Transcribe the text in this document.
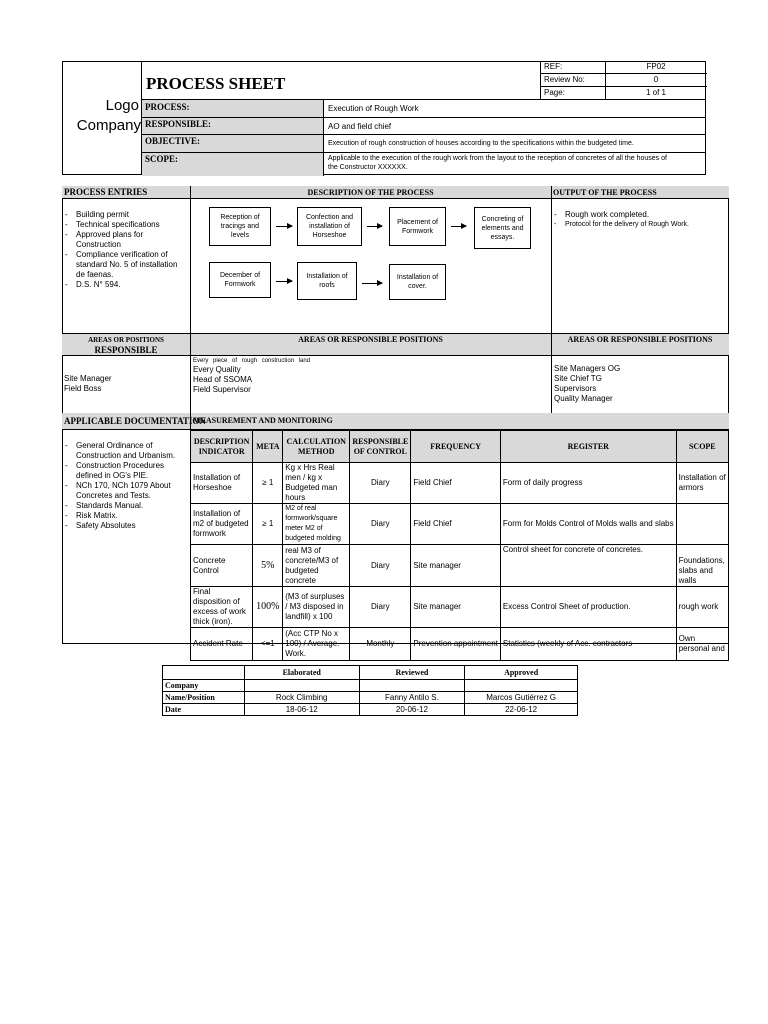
Logo
Company
PROCESS SHEET
REF:	FP02
Review No:	0
Page:	1 of 1
PROCESS:	Execution of Rough Work
RESPONSIBLE:	AO and field chief
OBJECTIVE:	Execution of rough construction of houses according to the specifications within the budgeted time.
SCOPE:	Applicable to the execution of the rough work from the layout to the reception of concretes of all the houses of the Constructor XXXXXX.
PROCESS ENTRIES	DESCRIPTION OF THE PROCESS	OUTPUT OF THE PROCESS
- Building permit
- Technical specifications
- Approved plans for Construction
- Compliance verification of standard No. 5 of installation de faenas.
- D.S. N° 594.
Reception of tracings and levels
Confection and installation of Horseshoe
Placement of Formwork
Concreting of elements and essays.
December of Formwork
Installation of roofs
Installation of cover.
- Rough work completed.
- Protocol for the delivery of Rough Work.
AREAS OR POSITIONS
RESPONSIBLE
AREAS OR RESPONSIBLE POSITIONS	AREAS OR RESPONSIBLE POSITIONS
Site Manager
Field Boss
Every piece of rough construction land
Every Quality
Head of SSOMA
Field Supervisor
Site Managers OG
Site Chief TG
Supervisors
Quality Manager
APPLICABLE DOCUMENTATION
MEASUREMENT AND MONITORING
- General Ordinance of Construction and Urbanism.
- Construction Procedures defined in OG's PIE.
- NCh 170, NCh 1079 About Concretes and Tests.
- Standards Manual.
- Risk Matrix.
- Safety Absolutes
DESCRIPTION INDICATOR	META	CALCULATION METHOD	RESPONSIBLE OF CONTROL	FREQUENCY	REGISTER	SCOPE
Installation of Horseshoe	≥ 1	Kg x Hrs Real men / kg x Budgeted man hours	Diary	Field Chief	Form of daily progress	Installation of armors
Installation of m2 of budgeted formwork	≥ 1	M2 of real formwork/square meter M2 of budgeted molding	Diary	Field Chief	Form for Molds Control of Molds walls and slabs	
Concrete Control	5%	real M3 of concrete/M3 of budgeted concrete	Diary	Site manager	Control sheet for concrete of concretes.	Foundations, slabs and walls
Final disposition of excess of work thick (iron).	100%	(M3 of surpluses / M3 disposed in landfill) x 100	Diary	Site manager	Excess Control Sheet of production.	rough work
Accident Rate	<=1	(Acc CTP No x 100) / Average. Work.	Monthly	Prevention appointment	Statistics (weekly of Acc. contractors	Own personal and
	Elaborated	Reviewed	Approved
Company			
Name/Position	Rock Climbing	Fanny Antilo S.	Marcos Gutiérrez G
Date	18-06-12	20-06-12	22-06-12
